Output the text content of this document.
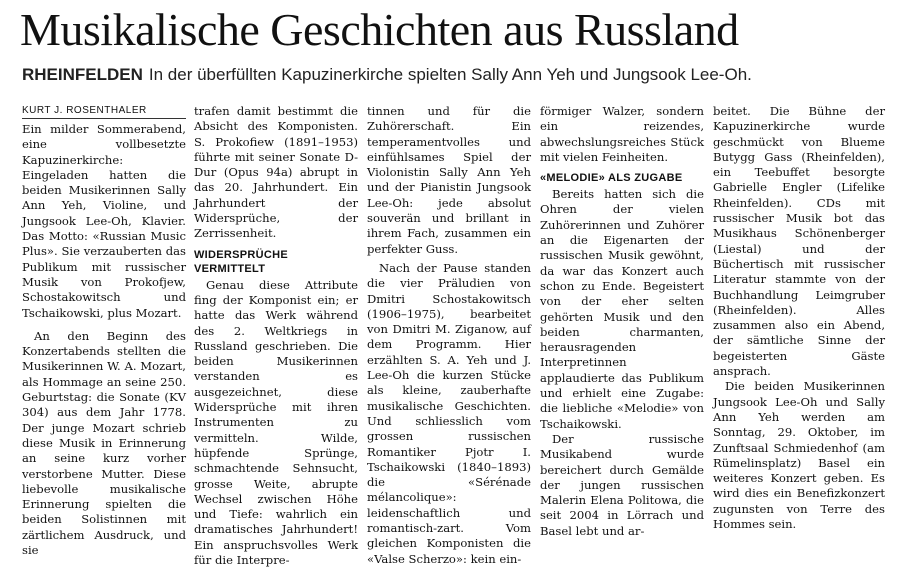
Musikalische Geschichten aus Russland
RHEINFELDEN In der überfüllten Kapuzinerkirche spielten Sally Ann Yeh und Jungsook Lee-Oh.
KURT J. ROSENTHALER

Ein milder Sommerabend, eine vollbesetzte Kapuzinerkirche: Eingeladen hatten die beiden Musikerinnen Sally Ann Yeh, Violine, und Jungsook Lee-Oh, Klavier. Das Motto: «Russian Music Plus». Sie verzauberten das Publikum mit russischer Musik von Prokofjew, Schostakowitsch und Tschaikowski, plus Mozart.

An den Beginn des Konzertabends stellten die Musikerinnen W. A. Mozart, als Hommage an seine 250. Geburtstag: die Sonate (KV 304) aus dem Jahr 1778. Der junge Mozart schrieb diese Musik in Erinnerung an seine kurz vorher verstorbene Mutter. Diese liebevolle musikalische Erinnerung spielten die beiden Solistinnen mit zärtlichem Ausdruck, und sie

trafen damit bestimmt die Absicht des Komponisten. S. Prokofiew (1891–1953) führte mit seiner Sonate D-Dur (Opus 94a) abrupt in das 20. Jahrhundert. Ein Jahrhundert der Widersprüche, der Zerrissenheit.

WIDERSPRÜCHE VERMITTELT

Genau diese Attribute fing der Komponist ein; er hatte das Werk während des 2. Weltkriegs in Russland geschrieben. Die beiden Musikerinnen verstanden es ausgezeichnet, diese Widersprüche mit ihren Instrumenten zu vermitteln. Wilde, hüpfende Sprünge, schmachtende Sehnsucht, grosse Weite, abrupte Wechsel zwischen Höhe und Tiefe: wahrlich ein dramatisches Jahrhundert! Ein anspruchsvolles Werk für die Interpre-

tinnen und für die Zuhörerschaft. Ein temperamentvolles und einfühlsames Spiel der Violonistin Sally Ann Yeh und der Pianistin Jungsook Lee-Oh: jede absolut souverän und brillant in ihrem Fach, zusammen ein perfekter Guss.

Nach der Pause standen die vier Präludien von Dmitri Schostakowitsch (1906–1975), bearbeitet von Dmitri M. Ziganow, auf dem Programm. Hier erzählten S. A. Yeh und J. Lee-Oh die kurzen Stücke als kleine, zauberhafte musikalische Geschichten. Und schliesslich vom grossen russischen Romantiker Pjotr I. Tschaikowski (1840–1893) die «Sérénade mélancolique»: leidenschaftlich und romantisch-zart. Vom gleichen Komponisten die «Valse Scherzo»: kein ein-

förmiger Walzer, sondern ein reizendes, abwechslungsreiches Stück mit vielen Feinheiten.

«MELODIE» ALS ZUGABE

Bereits hatten sich die Ohren der vielen Zuhörerinnen und Zuhörer an die Eigenarten der russischen Musik gewöhnt, da war das Konzert auch schon zu Ende. Begeistert von der eher selten gehörten Musik und den beiden charmanten, herausragenden Interpretinnen applaudierte das Publikum und erhielt eine Zugabe: die liebliche «Melodie» von Tschaikowski.

Der russische Musikabend wurde bereichert durch Gemälde der jungen russischen Malerin Elena Politowa, die seit 2004 in Lörrach und Basel lebt und ar-

beitet. Die Bühne der Kapuzinerkirche wurde geschmückt von Blueme Butygg Gass (Rheinfelden), ein Teebuffet besorgte Gabrielle Engler (Lifelike Rheinfelden). CDs mit russischer Musik bot das Musikhaus Schönenberger (Liestal) und der Büchertisch mit russischer Literatur stammte von der Buchhandlung Leimgruber (Rheinfelden). Alles zusammen also ein Abend, der sämtliche Sinne der begeisterten Gäste ansprach.

Die beiden Musikerinnen Jungsook Lee-Oh und Sally Ann Yeh werden am Sonntag, 29. Oktober, im Zunftsaal Schmiedenhof (am Rümelinsplatz) Basel ein weiteres Konzert geben. Es wird dies ein Benefizkonzert zugunsten von Terre des Hommes sein.
